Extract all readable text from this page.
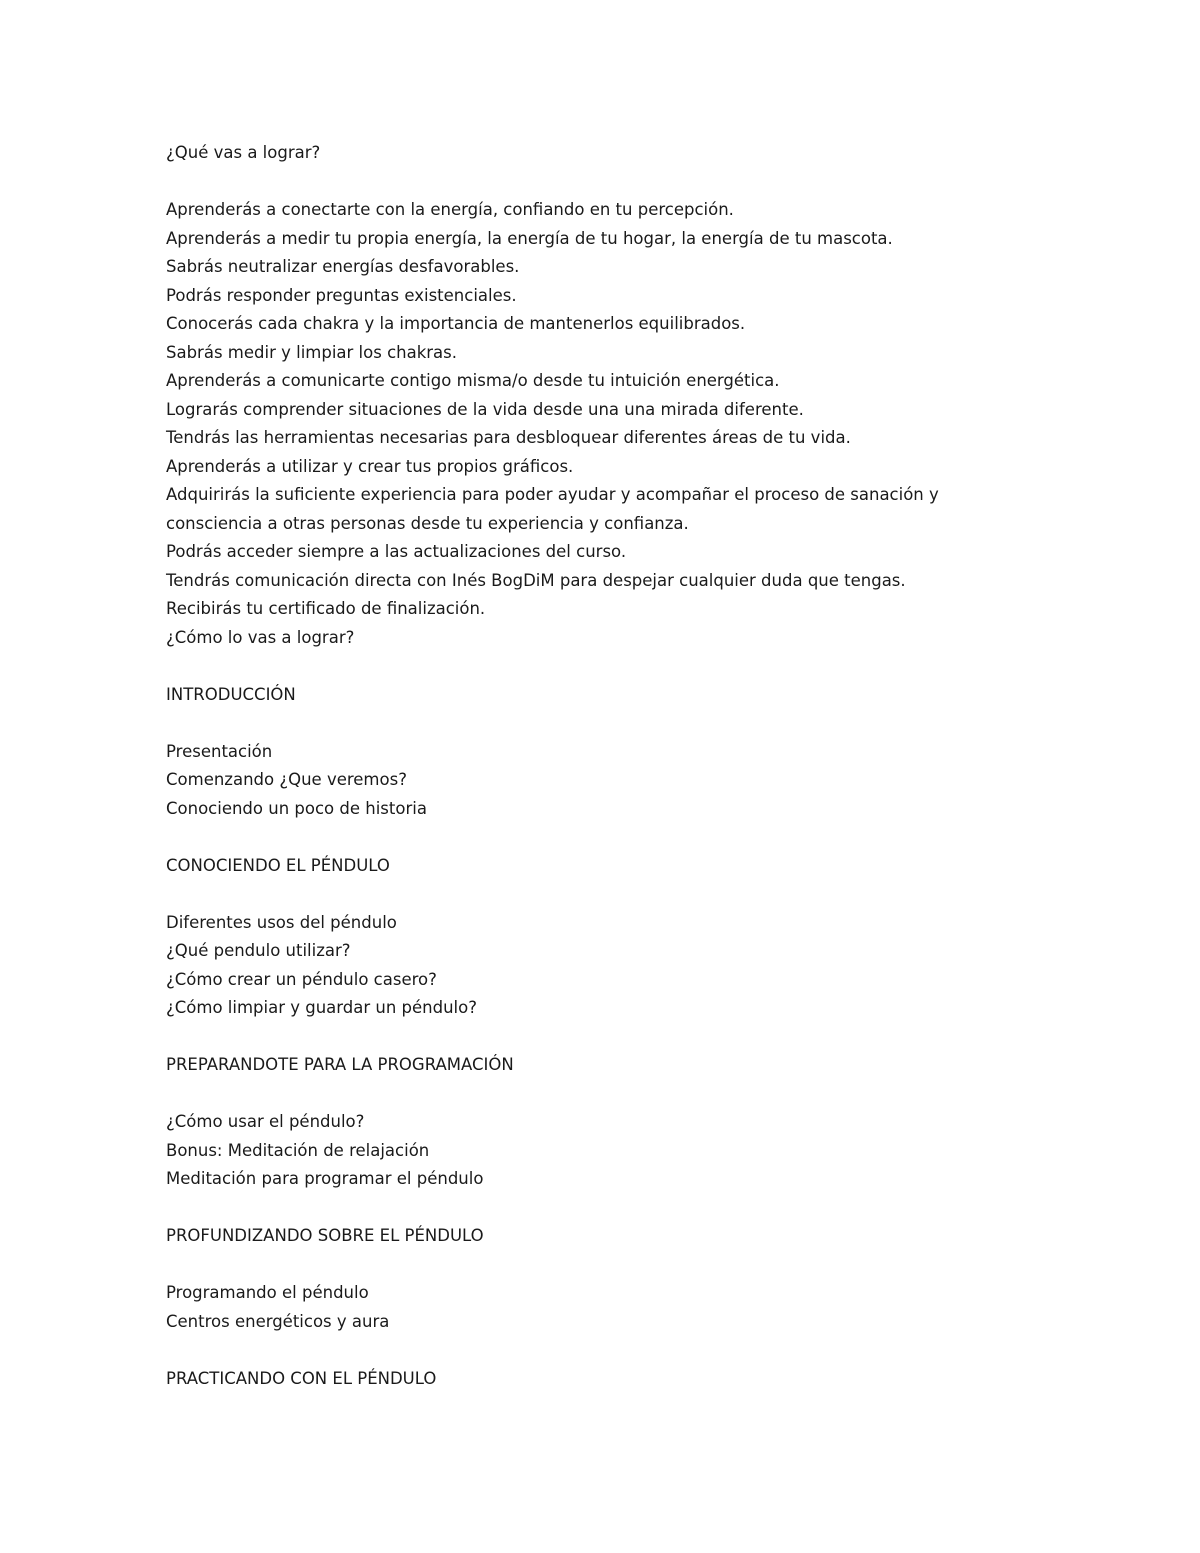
¿Qué vas a lograr?
Aprenderás a conectarte con la energía, confiando en tu percepción.
Aprenderás a medir tu propia energía, la energía de tu hogar, la energía de tu mascota.
Sabrás neutralizar energías desfavorables.
Podrás responder preguntas existenciales.
Conocerás cada chakra y la importancia de mantenerlos equilibrados.
Sabrás medir y limpiar los chakras.
Aprenderás a comunicarte contigo misma/o desde tu intuición energética.
Lograrás comprender situaciones de la vida desde una una mirada diferente.
Tendrás las herramientas necesarias para desbloquear diferentes áreas de tu vida.
Aprenderás a utilizar y crear tus propios gráficos.
Adquirirás la suficiente experiencia para poder ayudar y acompañar el proceso de sanación y
consciencia a otras personas desde tu experiencia y confianza.
Podrás acceder siempre a las actualizaciones del curso.
Tendrás comunicación directa con Inés BogDiM para despejar cualquier duda que tengas.
Recibirás tu certificado de finalización.
¿Cómo lo vas a lograr?
INTRODUCCIÓN
Presentación
Comenzando ¿Que veremos?
Conociendo un poco de historia
CONOCIENDO EL PÉNDULO
Diferentes usos del péndulo
¿Qué pendulo utilizar?
¿Cómo crear un péndulo casero?
¿Cómo limpiar y guardar un péndulo?
PREPARANDOTE PARA LA PROGRAMACIÓN
¿Cómo usar el péndulo?
Bonus: Meditación de relajación
Meditación para programar el péndulo
PROFUNDIZANDO SOBRE EL PÉNDULO
Programando el péndulo
Centros energéticos y aura
PRACTICANDO CON EL PÉNDULO
